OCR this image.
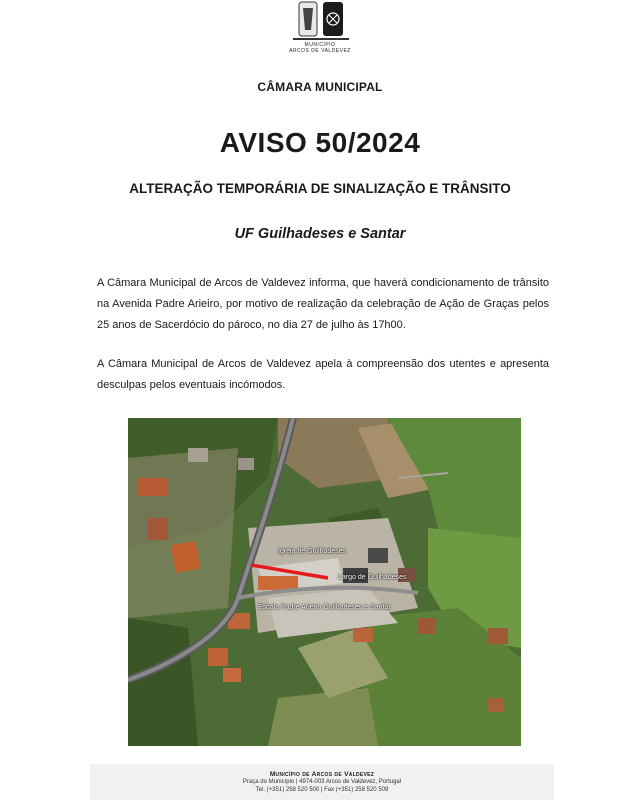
MUNICÍPIO
ARCOS DE VALDEVEZ
CÂMARA MUNICIPAL
AVISO 50/2024
ALTERAÇÃO TEMPORÁRIA DE SINALIZAÇÃO E TRÂNSITO
UF Guilhadeses e Santar
A Câmara Municipal de Arcos de Valdevez informa, que haverá condicionamento de trânsito na Avenida Padre Arieiro, por motivo de realização da celebração de Ação de Graças pelos 25 anos de Sacerdócio do pároco, no dia 27 de julho às 17h00.
A Câmara Municipal de Arcos de Valdevez apela à compreensão dos utentes e apresenta desculpas pelos eventuais incómodos.
Igreja de Guilhadeses
Largo de Guilhadeses
Escola Padre Arieiro Guilhadeses e Santar
Município de Arcos de Valdevez
Praça do Município | 4974-003 Arcos de Valdevez, Portugal
Tel. (+351) 258 520 500 | Fax (+351) 258 520 509
